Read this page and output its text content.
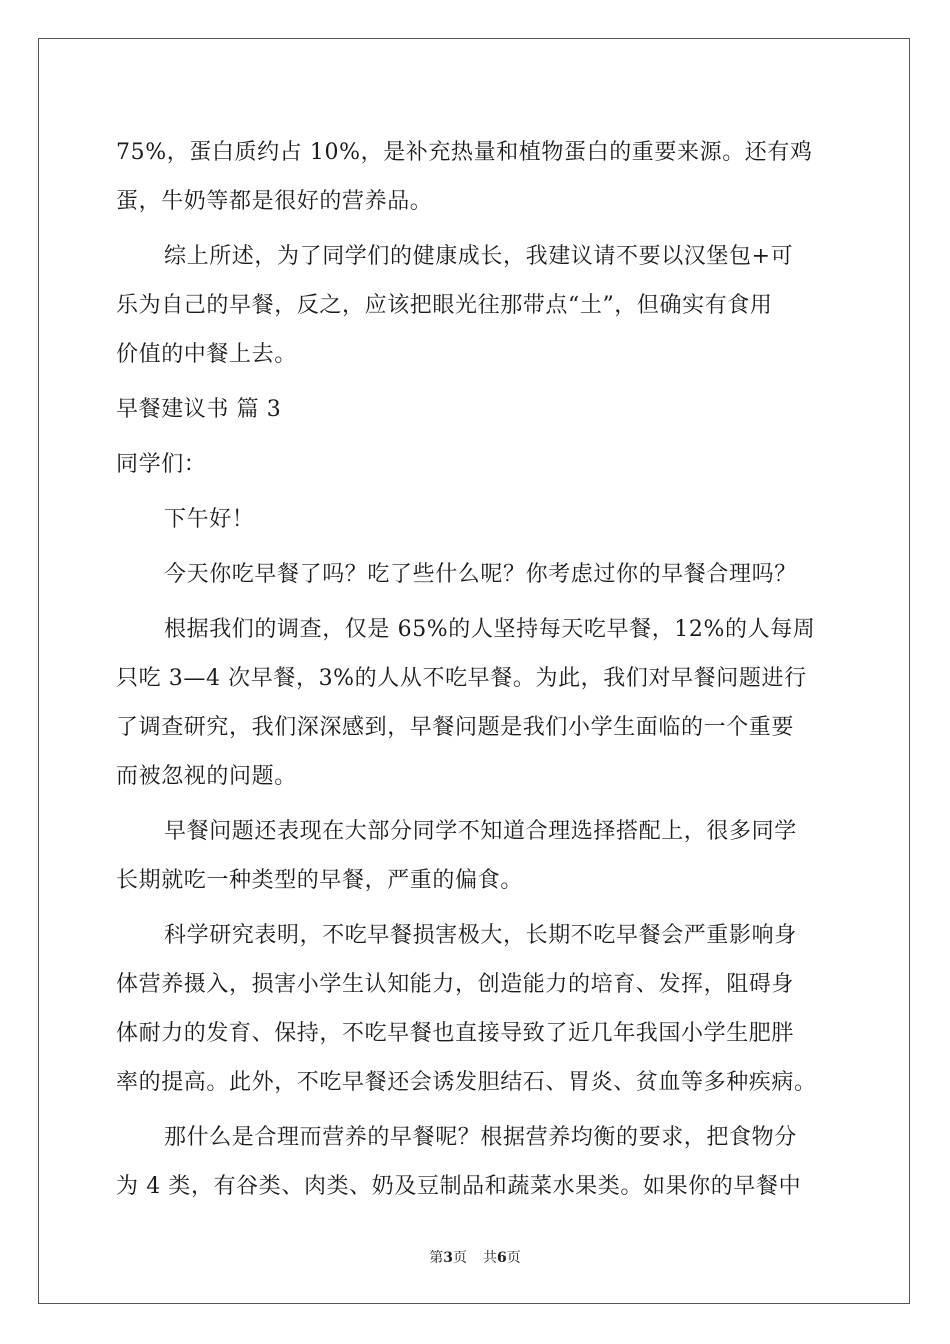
75%，蛋白质约占 10%，是补充热量和植物蛋白的重要来源。还有鸡
蛋，牛奶等都是很好的营养品。
综上所述，为了同学们的健康成长，我建议请不要以汉堡包+可
乐为自己的早餐，反之，应该把眼光往那带点“土”，但确实有食用
价值的中餐上去。
早餐建议书 篇 3
同学们：
下午好！
今天你吃早餐了吗？吃了些什么呢？你考虑过你的早餐合理吗？
根据我们的调查，仅是 65%的人坚持每天吃早餐，12%的人每周
只吃 3—4 次早餐，3%的人从不吃早餐。为此，我们对早餐问题进行
了调查研究，我们深深感到，早餐问题是我们小学生面临的一个重要
而被忽视的问题。
早餐问题还表现在大部分同学不知道合理选择搭配上，很多同学
长期就吃一种类型的早餐，严重的偏食。
科学研究表明，不吃早餐损害极大，长期不吃早餐会严重影响身
体营养摄入，损害小学生认知能力，创造能力的培育、发挥，阻碍身
体耐力的发育、保持，不吃早餐也直接导致了近几年我国小学生肥胖
率的提高。此外，不吃早餐还会诱发胆结石、胃炎、贫血等多种疾病。
那什么是合理而营养的早餐呢？根据营养均衡的要求，把食物分
为 4 类，有谷类、肉类、奶及豆制品和蔬菜水果类。如果你的早餐中
第3页 共6页
